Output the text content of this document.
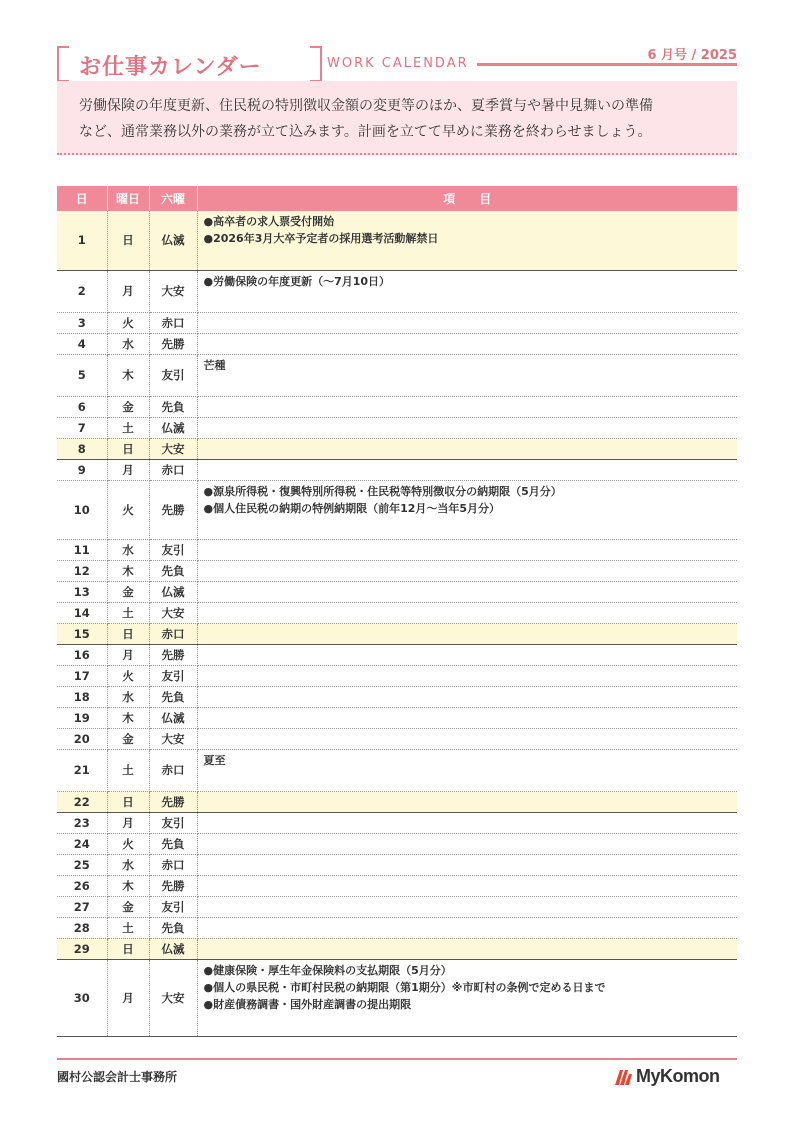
お仕事カレンダー	WORK CALENDAR
6 月号 / 2025
労働保険の年度更新、住民税の特別徴収金額の変更等のほか、夏季賞与や暑中見舞いの準備
など、通常業務以外の業務が立て込みます。計画を立てて早めに業務を終わらせましょう。
日	曜日	六曜	項　　目
1	日	仏滅	●高卒者の求人票受付開始
●2026年3月大卒予定者の採用選考活動解禁日

2	月	大安	●労働保険の年度更新（～7月10日）

3	火	赤口	
4	水	先勝	
5	木	友引	芒種

6	金	先負	
7	土	仏滅	
8	日	大安	
9	月	赤口	
10	火	先勝	●源泉所得税・復興特別所得税・住民税等特別徴収分の納期限（5月分）
●個人住民税の納期の特例納期限（前年12月～当年5月分）

11	水	友引	
12	木	先負	
13	金	仏滅	
14	土	大安	
15	日	赤口	
16	月	先勝	
17	火	友引	
18	水	先負	
19	木	仏滅	
20	金	大安	
21	土	赤口	夏至

22	日	先勝	
23	月	友引	
24	火	先負	
25	水	赤口	
26	木	先勝	
27	金	友引	
28	土	先負	
29	日	仏滅	
30	月	大安	●健康保険・厚生年金保険料の支払期限（5月分）
●個人の県民税・市町村民税の納期限（第1期分）※市町村の条例で定める日まで
●財産債務調書・国外財産調書の提出期限
國村公認会計士事務所	MyKomon
